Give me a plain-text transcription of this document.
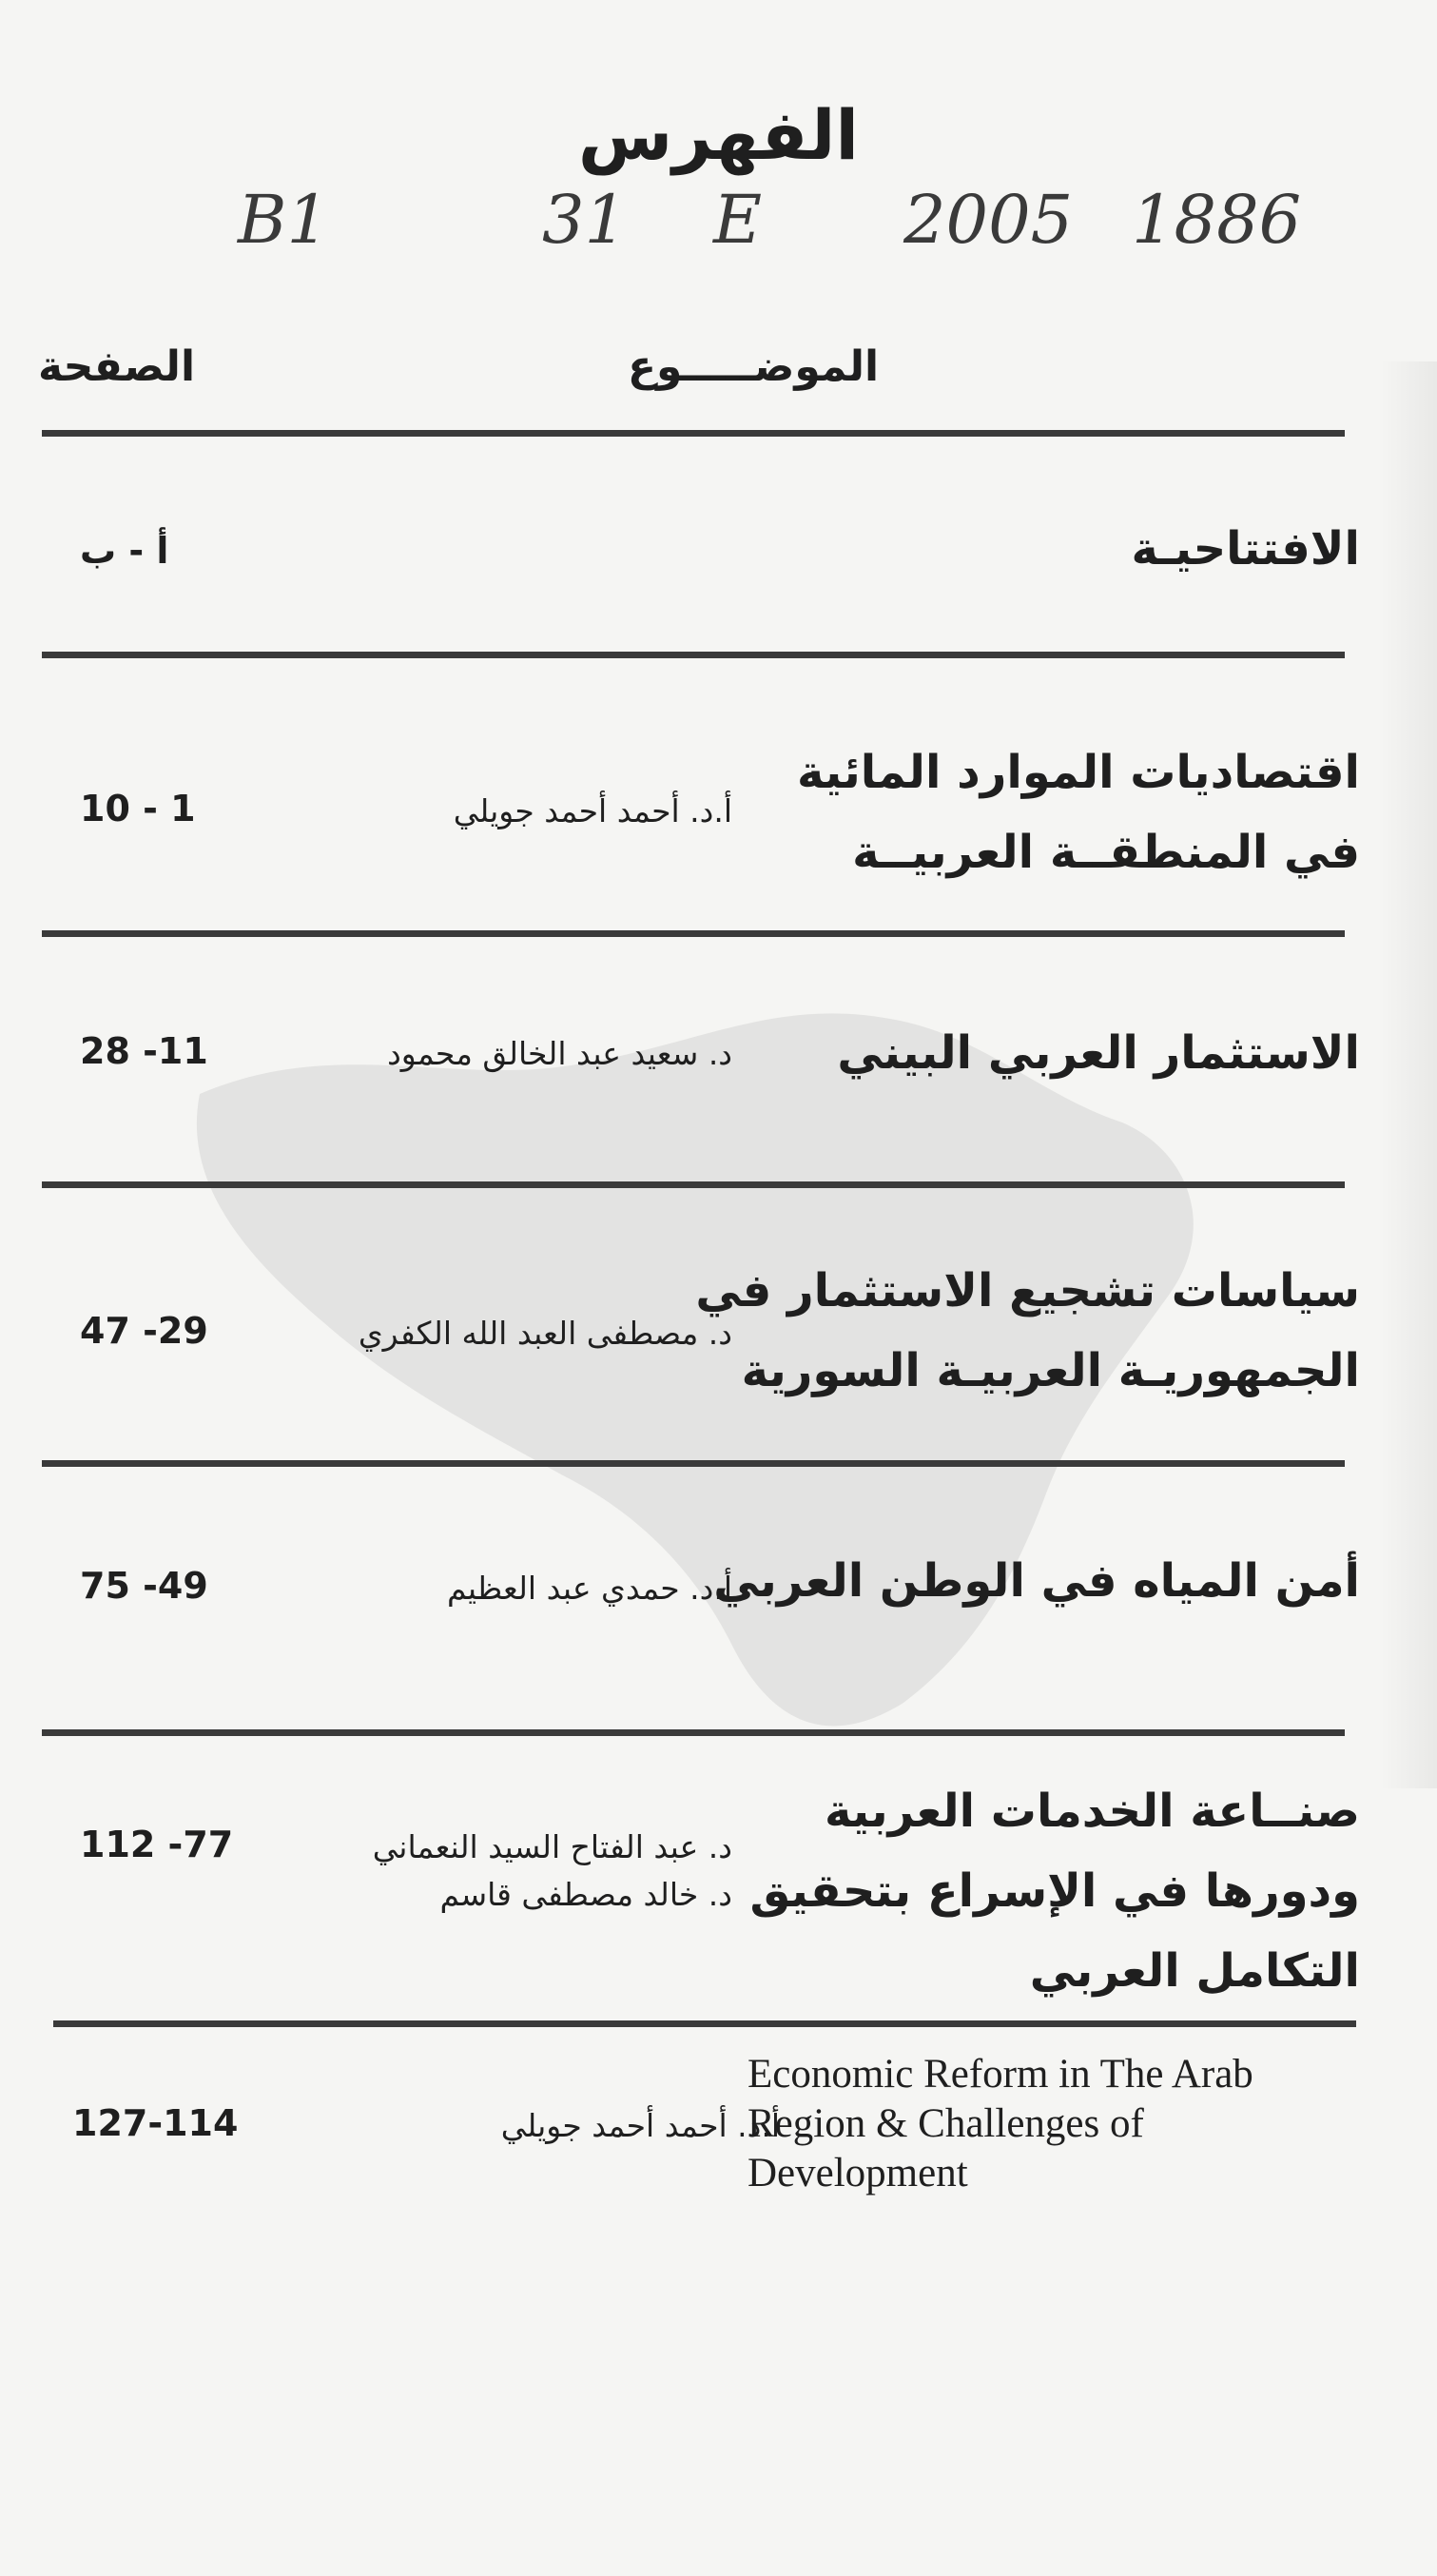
الفهرس
B1	31 E 2005 1886
الصفحة	الموضـــــوع
الافتتاحيـة
أ - ب
اقتصاديات الموارد المائية
في المنطقــة العربيــة
أ.د. أحمد أحمد جويلي
10 - 1
الاستثمار العربي البيني
د. سعيد عبد الخالق محمود
28 -11
سياسات تشجيع الاستثمار في
الجمهوريـة العربيـة السورية
د. مصطفى العبد الله الكفري
47 -29
أمن المياه في الوطن العربي
أ.د. حمدي عبد العظيم
75 -49
صنــاعة الخدمات العربية
ودورها في الإسراع بتحقيق
التكامل العربي
د. عبد الفتاح السيد النعماني
د. خالد مصطفى قاسم
112 -77
Economic Reform in The Arab
Region & Challenges of
Development
أ.د. أحمد أحمد جويلي
127-114
